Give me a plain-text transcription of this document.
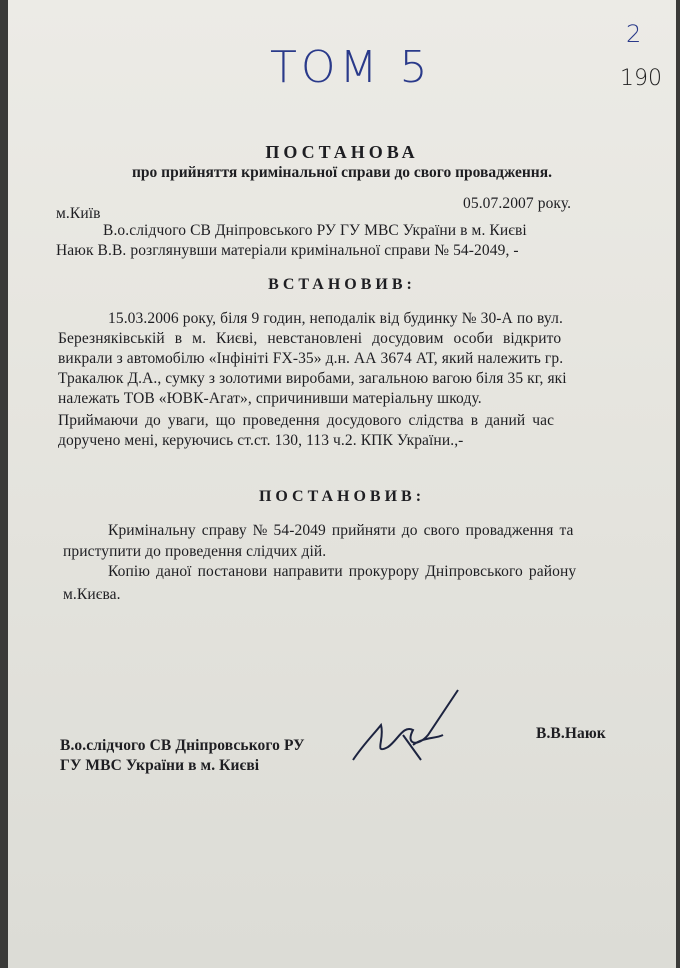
ТОМ 5
2
190
ПОСТАНОВА
про прийняття кримінальної справи до свого провадження.
05.07.2007 року.
м.Київ
В.о.слідчого СВ Дніпровського РУ ГУ МВС України в м. Києві
Наюк В.В. розглянувши матеріали кримінальної справи № 54-2049, -
ВСТАНОВИВ:
15.03.2006 року, біля 9 годин, неподалік від будинку № 30-А по вул.
Березняківській в м. Києві, невстановлені досудовим особи відкрито
викрали з автомобілю «Інфініті FX-35» д.н. АА 3674 АТ, який належить гр.
Тракалюк Д.А., сумку з золотими виробами, загальною вагою біля 35 кг, які
належать ТОВ «ЮВК-Агат», спричинивши матеріальну шкоду.
Приймаючи до уваги, що проведення досудового слідства в даний час
доручено мені, керуючись ст.ст. 130, 113 ч.2. КПК України.,-
ПОСТАНОВИВ:
Кримінальну справу № 54-2049 прийняти до свого провадження та
приступити до проведення слідчих дій.
Копію даної постанови направити прокурору Дніпровського району
м.Києва.
В.о.слідчого СВ Дніпровського РУ
ГУ МВС України в м. Києві
В.В.Наюк
